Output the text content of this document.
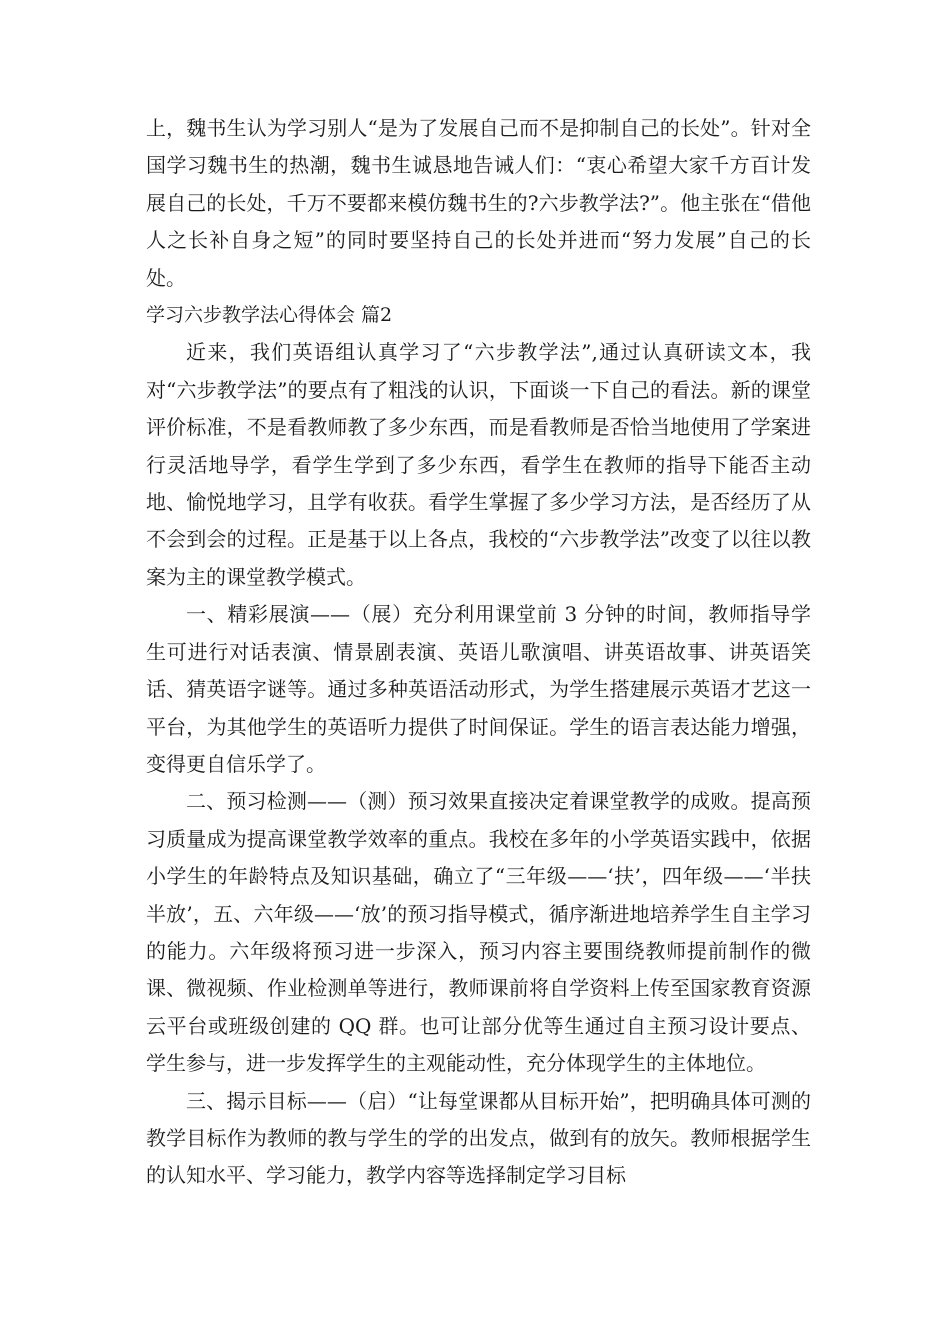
上，魏书生认为学习别人“是为了发展自己而不是抑制自己的长处”。针对全国学习魏书生的热潮，魏书生诚恳地告诫人们：“衷心希望大家千方百计发展自己的长处，千万不要都来模仿魏书生的?六步教学法?”。他主张在“借他人之长补自身之短”的同时要坚持自己的长处并进而“努力发展”自己的长处。

学习六步教学法心得体会 篇2

近来，我们英语组认真学习了“六步教学法”,通过认真研读文本，我对“六步教学法”的要点有了粗浅的认识，下面谈一下自己的看法。新的课堂评价标准，不是看教师教了多少东西，而是看教师是否恰当地使用了学案进行灵活地导学，看学生学到了多少东西，看学生在教师的指导下能否主动地、愉悦地学习，且学有收获。看学生掌握了多少学习方法，是否经历了从不会到会的过程。正是基于以上各点，我校的“六步教学法”改变了以往以教案为主的课堂教学模式。

一、精彩展演——（展）充分利用课堂前 3 分钟的时间，教师指导学生可进行对话表演、情景剧表演、英语儿歌演唱、讲英语故事、讲英语笑话、猜英语字谜等。通过多种英语活动形式，为学生搭建展示英语才艺这一平台，为其他学生的英语听力提供了时间保证。学生的语言表达能力增强，变得更自信乐学了。

二、预习检测——（测）预习效果直接决定着课堂教学的成败。提高预习质量成为提高课堂教学效率的重点。我校在多年的小学英语实践中，依据小学生的年龄特点及知识基础，确立了“三年级——‘扶’，四年级——‘半扶半放’，五、六年级——‘放’的预习指导模式，循序渐进地培养学生自主学习的能力。六年级将预习进一步深入，预习内容主要围绕教师提前制作的微课、微视频、作业检测单等进行，教师课前将自学资料上传至国家教育资源云平台或班级创建的 QQ 群。也可让部分优等生通过自主预习设计要点、学生参与，进一步发挥学生的主观能动性，充分体现学生的主体地位。

三、揭示目标——（启）“让每堂课都从目标开始”，把明确具体可测的教学目标作为教师的教与学生的学的出发点，做到有的放矢。教师根据学生的认知水平、学习能力，教学内容等选择制定学习目标
